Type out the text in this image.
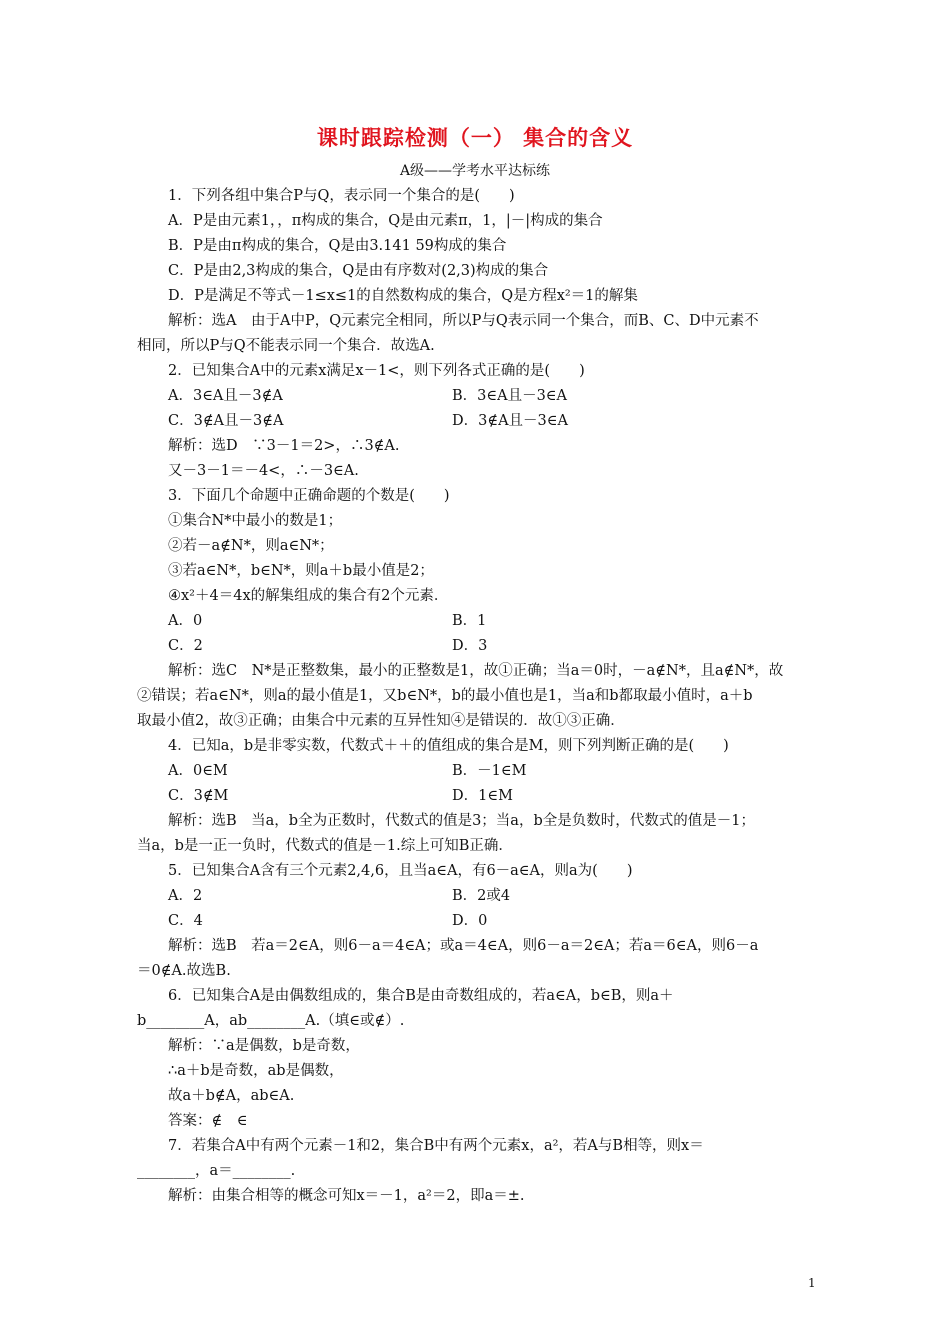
课时跟踪检测（一） 集合的含义
A级——学考水平达标练
1．下列各组中集合P与Q，表示同一个集合的是(　　)
A．P是由元素1，，π构成的集合，Q是由元素π，1，|－|构成的集合
B．P是由π构成的集合，Q是由3.141 59构成的集合
C．P是由2,3构成的集合，Q是由有序数对(2,3)构成的集合
D．P是满足不等式－1≤x≤1的自然数构成的集合，Q是方程x²＝1的解集
解析：选A　由于A中P，Q元素完全相同，所以P与Q表示同一个集合，而B、C、D中元素不
相同，所以P与Q不能表示同一个集合．故选A.
2．已知集合A中的元素x满足x－1<，则下列各式正确的是(　　)
A．3∈A且－3∉A	B．3∈A且－3∈A
C．3∉A且－3∉A	D．3∉A且－3∈A
解析：选D　∵3－1＝2>，∴3∉A.
又－3－1＝－4<，∴－3∈A.
3．下面几个命题中正确命题的个数是(　　)
①集合N*中最小的数是1；
②若－a∉N*，则a∈N*；
③若a∈N*，b∈N*，则a＋b最小值是2；
④x²＋4＝4x的解集组成的集合有2个元素．
A．0	B．1
C．2	D．3
解析：选C　N*是正整数集，最小的正整数是1，故①正确；当a＝0时，－a∉N*，且a∉N*，故
②错误；若a∈N*，则a的最小值是1，又b∈N*，b的最小值也是1，当a和b都取最小值时，a＋b
取最小值2，故③正确；由集合中元素的互异性知④是错误的．故①③正确．
4．已知a，b是非零实数，代数式＋＋的值组成的集合是M，则下列判断正确的是(　　)
A．0∈M	B．－1∈M
C．3∉M	D．1∈M
解析：选B　当a，b全为正数时，代数式的值是3；当a，b全是负数时，代数式的值是－1；
当a，b是一正一负时，代数式的值是－1.综上可知B正确．
5．已知集合A含有三个元素2,4,6，且当a∈A，有6－a∈A，则a为(　　)
A．2	B．2或4
C．4	D．0
解析：选B　若a＝2∈A，则6－a＝4∈A；或a＝4∈A，则6－a＝2∈A；若a＝6∈A，则6－a
＝0∉A.故选B.
6．已知集合A是由偶数组成的，集合B是由奇数组成的，若a∈A，b∈B，则a＋
b________A，ab________A.（填∈或∉）.
解析：∵a是偶数，b是奇数，
∴a＋b是奇数，ab是偶数，
故a＋b∉A，ab∈A.
答案：∉　∈
7．若集合A中有两个元素－1和2，集合B中有两个元素x，a²，若A与B相等，则x＝
________，a＝________.
解析：由集合相等的概念可知x＝－1，a²＝2，即a＝±.
1
